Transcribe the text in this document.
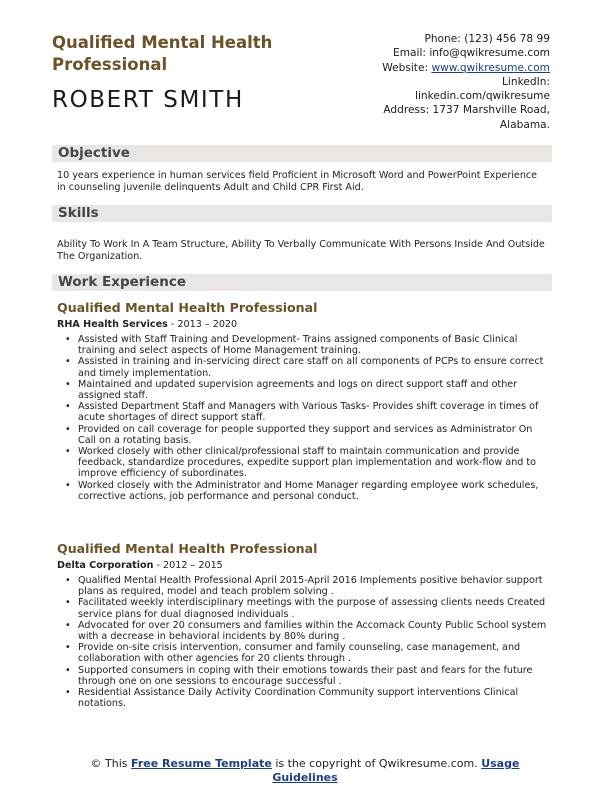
Qualified Mental Health Professional
ROBERT SMITH
Phone: (123) 456 78 99
Email: info@qwikresume.com
Website: www.qwikresume.com
LinkedIn:
linkedin.com/qwikresume
Address: 1737 Marshville Road,
Alabama.
Objective
10 years experience in human services field Proficient in Microsoft Word and PowerPoint Experience in counseling juvenile delinquents Adult and Child CPR First Aid.
Skills
Ability To Work In A Team Structure, Ability To Verbally Communicate With Persons Inside And Outside The Organization.
Work Experience
Qualified Mental Health Professional
RHA Health Services - 2013 – 2020
• Assisted with Staff Training and Development- Trains assigned components of Basic Clinical training and select aspects of Home Management training.
• Assisted in training and in-servicing direct care staff on all components of PCPs to ensure correct and timely implementation.
• Maintained and updated supervision agreements and logs on direct support staff and other assigned staff.
• Assisted Department Staff and Managers with Various Tasks- Provides shift coverage in times of acute shortages of direct support staff.
• Provided on call coverage for people supported they support and services as Administrator On Call on a rotating basis.
• Worked closely with other clinical/professional staff to maintain communication and provide feedback, standardize procedures, expedite support plan implementation and work-flow and to improve efficiency of subordinates.
• Worked closely with the Administrator and Home Manager regarding employee work schedules, corrective actions, job performance and personal conduct.
Qualified Mental Health Professional
Delta Corporation - 2012 – 2015
• Qualified Mental Health Professional April 2015-April 2016 Implements positive behavior support plans as required, model and teach problem solving .
• Facilitated weekly interdisciplinary meetings with the purpose of assessing clients needs Created service plans for dual diagnosed individuals .
• Advocated for over 20 consumers and families within the Accomack County Public School system with a decrease in behavioral incidents by 80% during .
• Provide on-site crisis intervention, consumer and family counseling, case management, and collaboration with other agencies for 20 clients through .
• Supported consumers in coping with their emotions towards their past and fears for the future through one on one sessions to encourage successful .
• Residential Assistance Daily Activity Coordination Community support interventions Clinical notations.
© This Free Resume Template is the copyright of Qwikresume.com. Usage Guidelines
